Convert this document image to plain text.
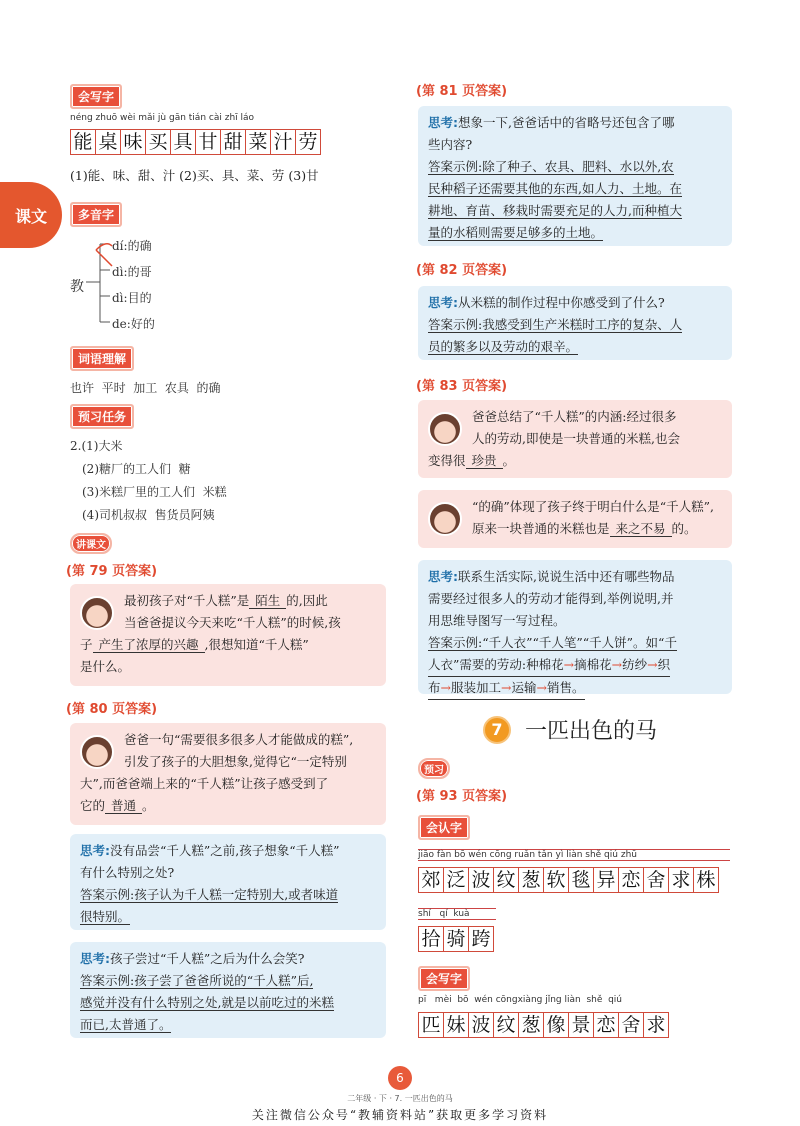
课文
会写字
néng zhuō wèi mǎi jù gān tián cài zhī láo
能 桌 味 买 具 甘 甜 菜 汁 劳
(1)能、味、甜、汁 (2)买、具、菜、劳 (3)甘
多音字
教
dí:的确
dì:的哥
dì:目的
de:好的
词语理解
也许  平时  加工  农具  的确
预习任务
2.(1)大米
(2)糖厂的工人们  糖
(3)米糕厂里的工人们  米糕
(4)司机叔叔  售货员阿姨
讲课文
(第 79 页答案)
最初孩子对“千人糕”是 陌生 的,因此
当爸爸提议今天来吃“千人糕”的时候,孩
子 产生了浓厚的兴趣 ,很想知道“千人糕”
是什么。
(第 80 页答案)
爸爸一句“需要很多很多人才能做成的糕”,
引发了孩子的大胆想象,觉得它“一定特别
大”,而爸爸端上来的“千人糕”让孩子感受到了
它的 普通 。
思考:没有品尝“千人糕”之前,孩子想象“千人糕”
有什么特别之处?
答案示例:孩子认为千人糕一定特别大,或者味道
很特别。
思考:孩子尝过“千人糕”之后为什么会笑?
答案示例:孩子尝了爸爸所说的“千人糕”后,
感觉并没有什么特别之处,就是以前吃过的米糕
而已,太普通了。
(第 81 页答案)
思考:想象一下,爸爸话中的省略号还包含了哪
些内容?
答案示例:除了种子、农具、肥料、水以外,农
民种稻子还需要其他的东西,如人力、土地。在
耕地、育苗、移栽时需要充足的人力,而种植大
量的水稻则需要足够多的土地。
(第 82 页答案)
思考:从米糕的制作过程中你感受到了什么?
答案示例:我感受到生产米糕时工序的复杂、人
员的繁多以及劳动的艰辛。
(第 83 页答案)
爸爸总结了“千人糕”的内涵:经过很多
人的劳动,即使是一块普通的米糕,也会
变得很 珍贵 。
“的确”体现了孩子终于明白什么是“千人糕”,
原来一块普通的米糕也是 来之不易 的。
思考:联系生活实际,说说生活中还有哪些物品
需要经过很多人的劳动才能得到,举例说明,并
用思维导图写一写过程。
答案示例:“千人衣”“千人笔”“千人饼”。如“千
人衣”需要的劳动:种棉花→摘棉花→纺纱→织 布→服装加工→运输→销售。
7	一匹出色的马
预习
(第 93 页答案)
会认字
jiāo fàn bō wén cōng ruǎn tǎn yì liàn shě qiú zhū
郊 泛 波 纹 葱 软 毯 异 恋 舍 求 株
shí   qí  kuà
拾 骑 跨
会写字
pī   mèi  bō  wén cōngxiàng jǐng liàn  shě  qiú
匹 妹 波 纹 葱 像 景 恋 舍 求
6
二年级 · 下 · 7. 一匹出色的马
关注微信公众号“教辅资料站”获取更多学习资料
